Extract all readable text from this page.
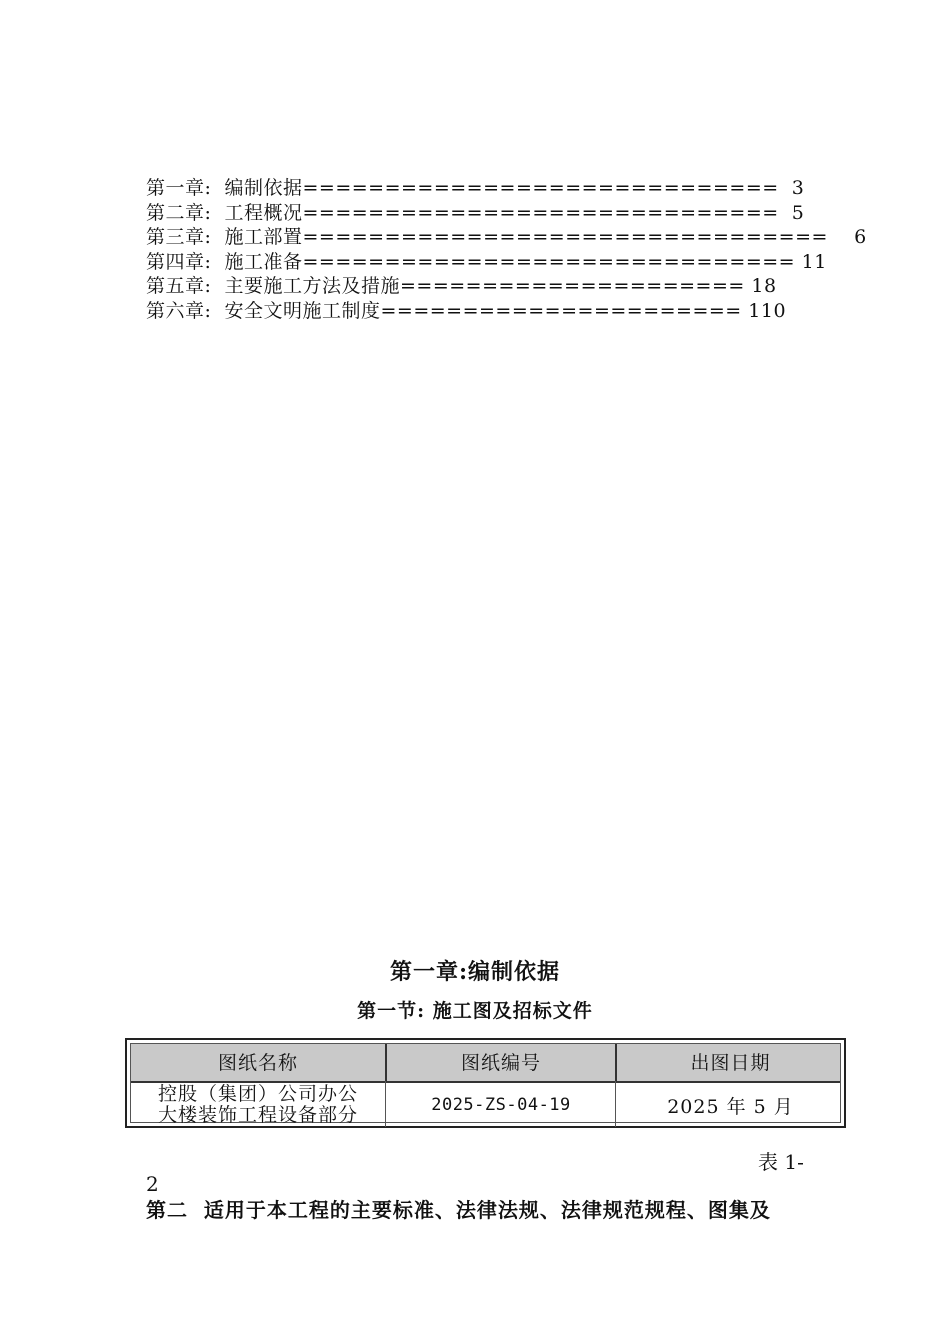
第一章:  编制依据============================= 3
第二章:  工程概况============================= 5
第三章:  施工部置================================ 6
第四章:  施工准备============================== 11
第五章:  主要施工方法及措施===================== 18
第六章:  安全文明施工制度====================== 110
第一章:编制依据
第一节: 施工图及招标文件
图纸名称	图纸编号	出图日期
控股（集团）公司办公
大楼装饰工程设备部分	2025-ZS-04-19	2025 年 5 月
表 1-
2
第二  适用于本工程的主要标准、法律法规、法律规范规程、图集及
